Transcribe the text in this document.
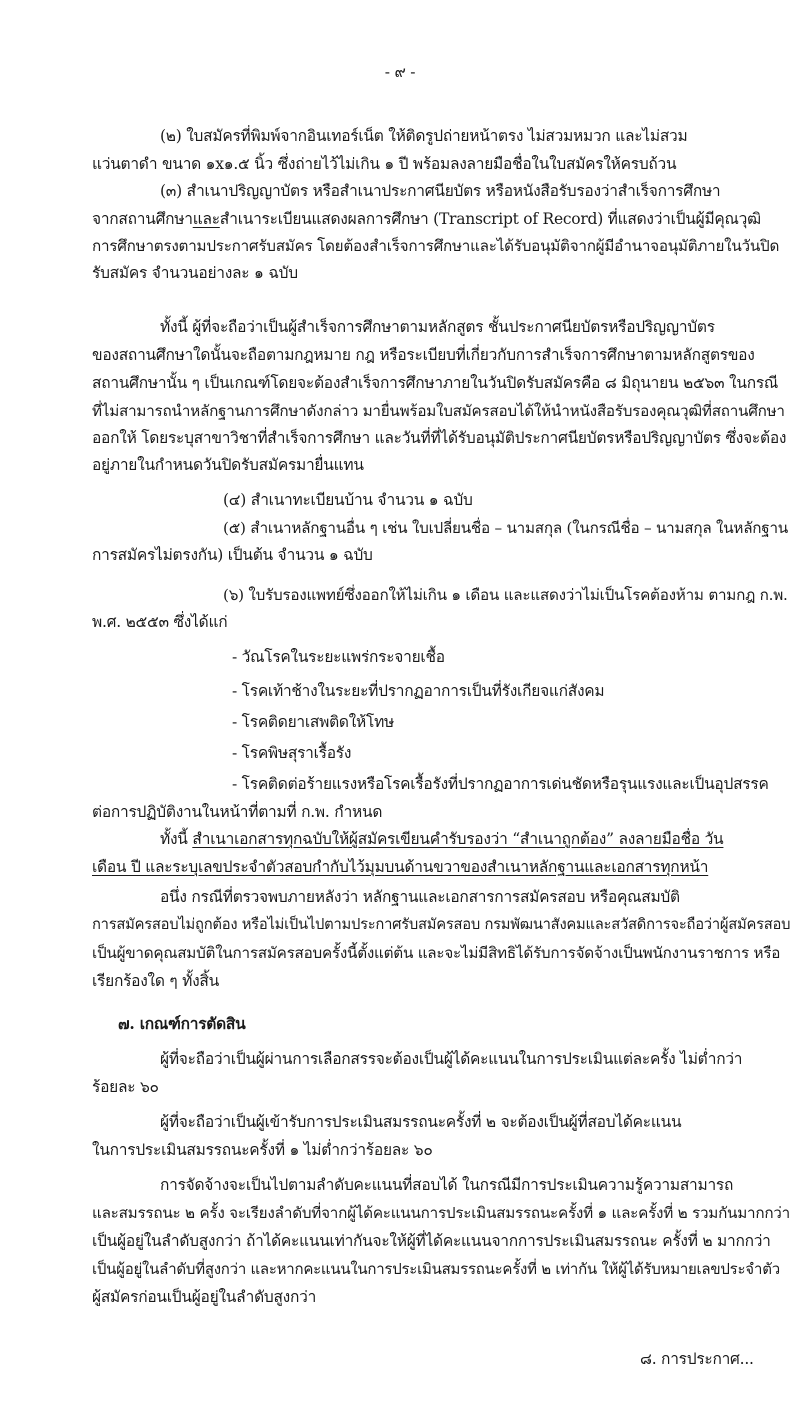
- ๙ -
(๒) ใบสมัครที่พิมพ์จากอินเทอร์เน็ต ให้ติดรูปถ่ายหน้าตรง ไม่สวมหมวก และไม่สวม
แว่นตาดำ ขนาด ๑x๑.๕ นิ้ว ซึ่งถ่ายไว้ไม่เกิน ๑ ปี พร้อมลงลายมือชื่อในใบสมัครให้ครบถ้วน
(๓) สำเนาปริญญาบัตร หรือสำเนาประกาศนียบัตร หรือหนังสือรับรองว่าสำเร็จการศึกษา
จากสถานศึกษาและสำเนาระเบียนแสดงผลการศึกษา (Transcript of Record) ที่แสดงว่าเป็นผู้มีคุณวุฒิ
การศึกษาตรงตามประกาศรับสมัคร โดยต้องสำเร็จการศึกษาและได้รับอนุมัติจากผู้มีอำนาจอนุมัติภายในวันปิด
รับสมัคร จำนวนอย่างละ ๑ ฉบับ
ทั้งนี้ ผู้ที่จะถือว่าเป็นผู้สำเร็จการศึกษาตามหลักสูตร ชั้นประกาศนียบัตรหรือปริญญาบัตร
ของสถานศึกษาใดนั้นจะถือตามกฎหมาย กฎ หรือระเบียบที่เกี่ยวกับการสำเร็จการศึกษาตามหลักสูตรของ
สถานศึกษานั้น ๆ เป็นเกณฑ์โดยจะต้องสำเร็จการศึกษาภายในวันปิดรับสมัครคือ ๘ มิถุนายน ๒๕๖๓ ในกรณี
ที่ไม่สามารถนำหลักฐานการศึกษาดังกล่าว มายื่นพร้อมใบสมัครสอบได้ให้นำหนังสือรับรองคุณวุฒิที่สถานศึกษา
ออกให้ โดยระบุสาขาวิชาที่สำเร็จการศึกษา และวันที่ที่ได้รับอนุมัติประกาศนียบัตรหรือปริญญาบัตร ซึ่งจะต้อง
อยู่ภายในกำหนดวันปิดรับสมัครมายื่นแทน
(๔) สำเนาทะเบียนบ้าน จำนวน ๑ ฉบับ
(๕) สำเนาหลักฐานอื่น ๆ เช่น ใบเปลี่ยนชื่อ – นามสกุล (ในกรณีชื่อ – นามสกุล ในหลักฐาน
การสมัครไม่ตรงกัน) เป็นต้น จำนวน ๑ ฉบับ
(๖) ใบรับรองแพทย์ซึ่งออกให้ไม่เกิน ๑ เดือน และแสดงว่าไม่เป็นโรคต้องห้าม ตามกฎ ก.พ.
พ.ศ. ๒๕๕๓ ซึ่งได้แก่
- วัณโรคในระยะแพร่กระจายเชื้อ
- โรคเท้าช้างในระยะที่ปรากฏอาการเป็นที่รังเกียจแก่สังคม
- โรคติดยาเสพติดให้โทษ
- โรคพิษสุราเรื้อรัง
- โรคติดต่อร้ายแรงหรือโรคเรื้อรังที่ปรากฏอาการเด่นชัดหรือรุนแรงและเป็นอุปสรรค
ต่อการปฏิบัติงานในหน้าที่ตามที่ ก.พ. กำหนด
ทั้งนี้ สำเนาเอกสารทุกฉบับให้ผู้สมัครเขียนคำรับรองว่า “สำเนาถูกต้อง” ลงลายมือชื่อ วัน
เดือน ปี และระบุเลขประจำตัวสอบกำกับไว้มุมบนด้านขวาของสำเนาหลักฐานและเอกสารทุกหน้า
อนึ่ง กรณีที่ตรวจพบภายหลังว่า หลักฐานและเอกสารการสมัครสอบ หรือคุณสมบัติ
การสมัครสอบไม่ถูกต้อง หรือไม่เป็นไปตามประกาศรับสมัครสอบ กรมพัฒนาสังคมและสวัสดิการจะถือว่าผู้สมัครสอบ
เป็นผู้ขาดคุณสมบัติในการสมัครสอบครั้งนี้ตั้งแต่ต้น และจะไม่มีสิทธิได้รับการจัดจ้างเป็นพนักงานราชการ หรือ
เรียกร้องใด ๆ ทั้งสิ้น
๗. เกณฑ์การตัดสิน
ผู้ที่จะถือว่าเป็นผู้ผ่านการเลือกสรรจะต้องเป็นผู้ได้คะแนนในการประเมินแต่ละครั้ง ไม่ต่ำกว่า
ร้อยละ ๖๐
ผู้ที่จะถือว่าเป็นผู้เข้ารับการประเมินสมรรถนะครั้งที่ ๒ จะต้องเป็นผู้ที่สอบได้คะแนน
ในการประเมินสมรรถนะครั้งที่ ๑ ไม่ต่ำกว่าร้อยละ ๖๐
การจัดจ้างจะเป็นไปตามลำดับคะแนนที่สอบได้ ในกรณีมีการประเมินความรู้ความสามารถ
และสมรรถนะ ๒ ครั้ง จะเรียงลำดับที่จากผู้ได้คะแนนการประเมินสมรรถนะครั้งที่ ๑ และครั้งที่ ๒ รวมกันมากกว่า
เป็นผู้อยู่ในลำดับสูงกว่า ถ้าได้คะแนนเท่ากันจะให้ผู้ที่ได้คะแนนจากการประเมินสมรรถนะ ครั้งที่ ๒ มากกว่า
เป็นผู้อยู่ในลำดับที่สูงกว่า และหากคะแนนในการประเมินสมรรถนะครั้งที่ ๒ เท่ากัน ให้ผู้ได้รับหมายเลขประจำตัว
ผู้สมัครก่อนเป็นผู้อยู่ในลำดับสูงกว่า
๘. การประกาศ...
